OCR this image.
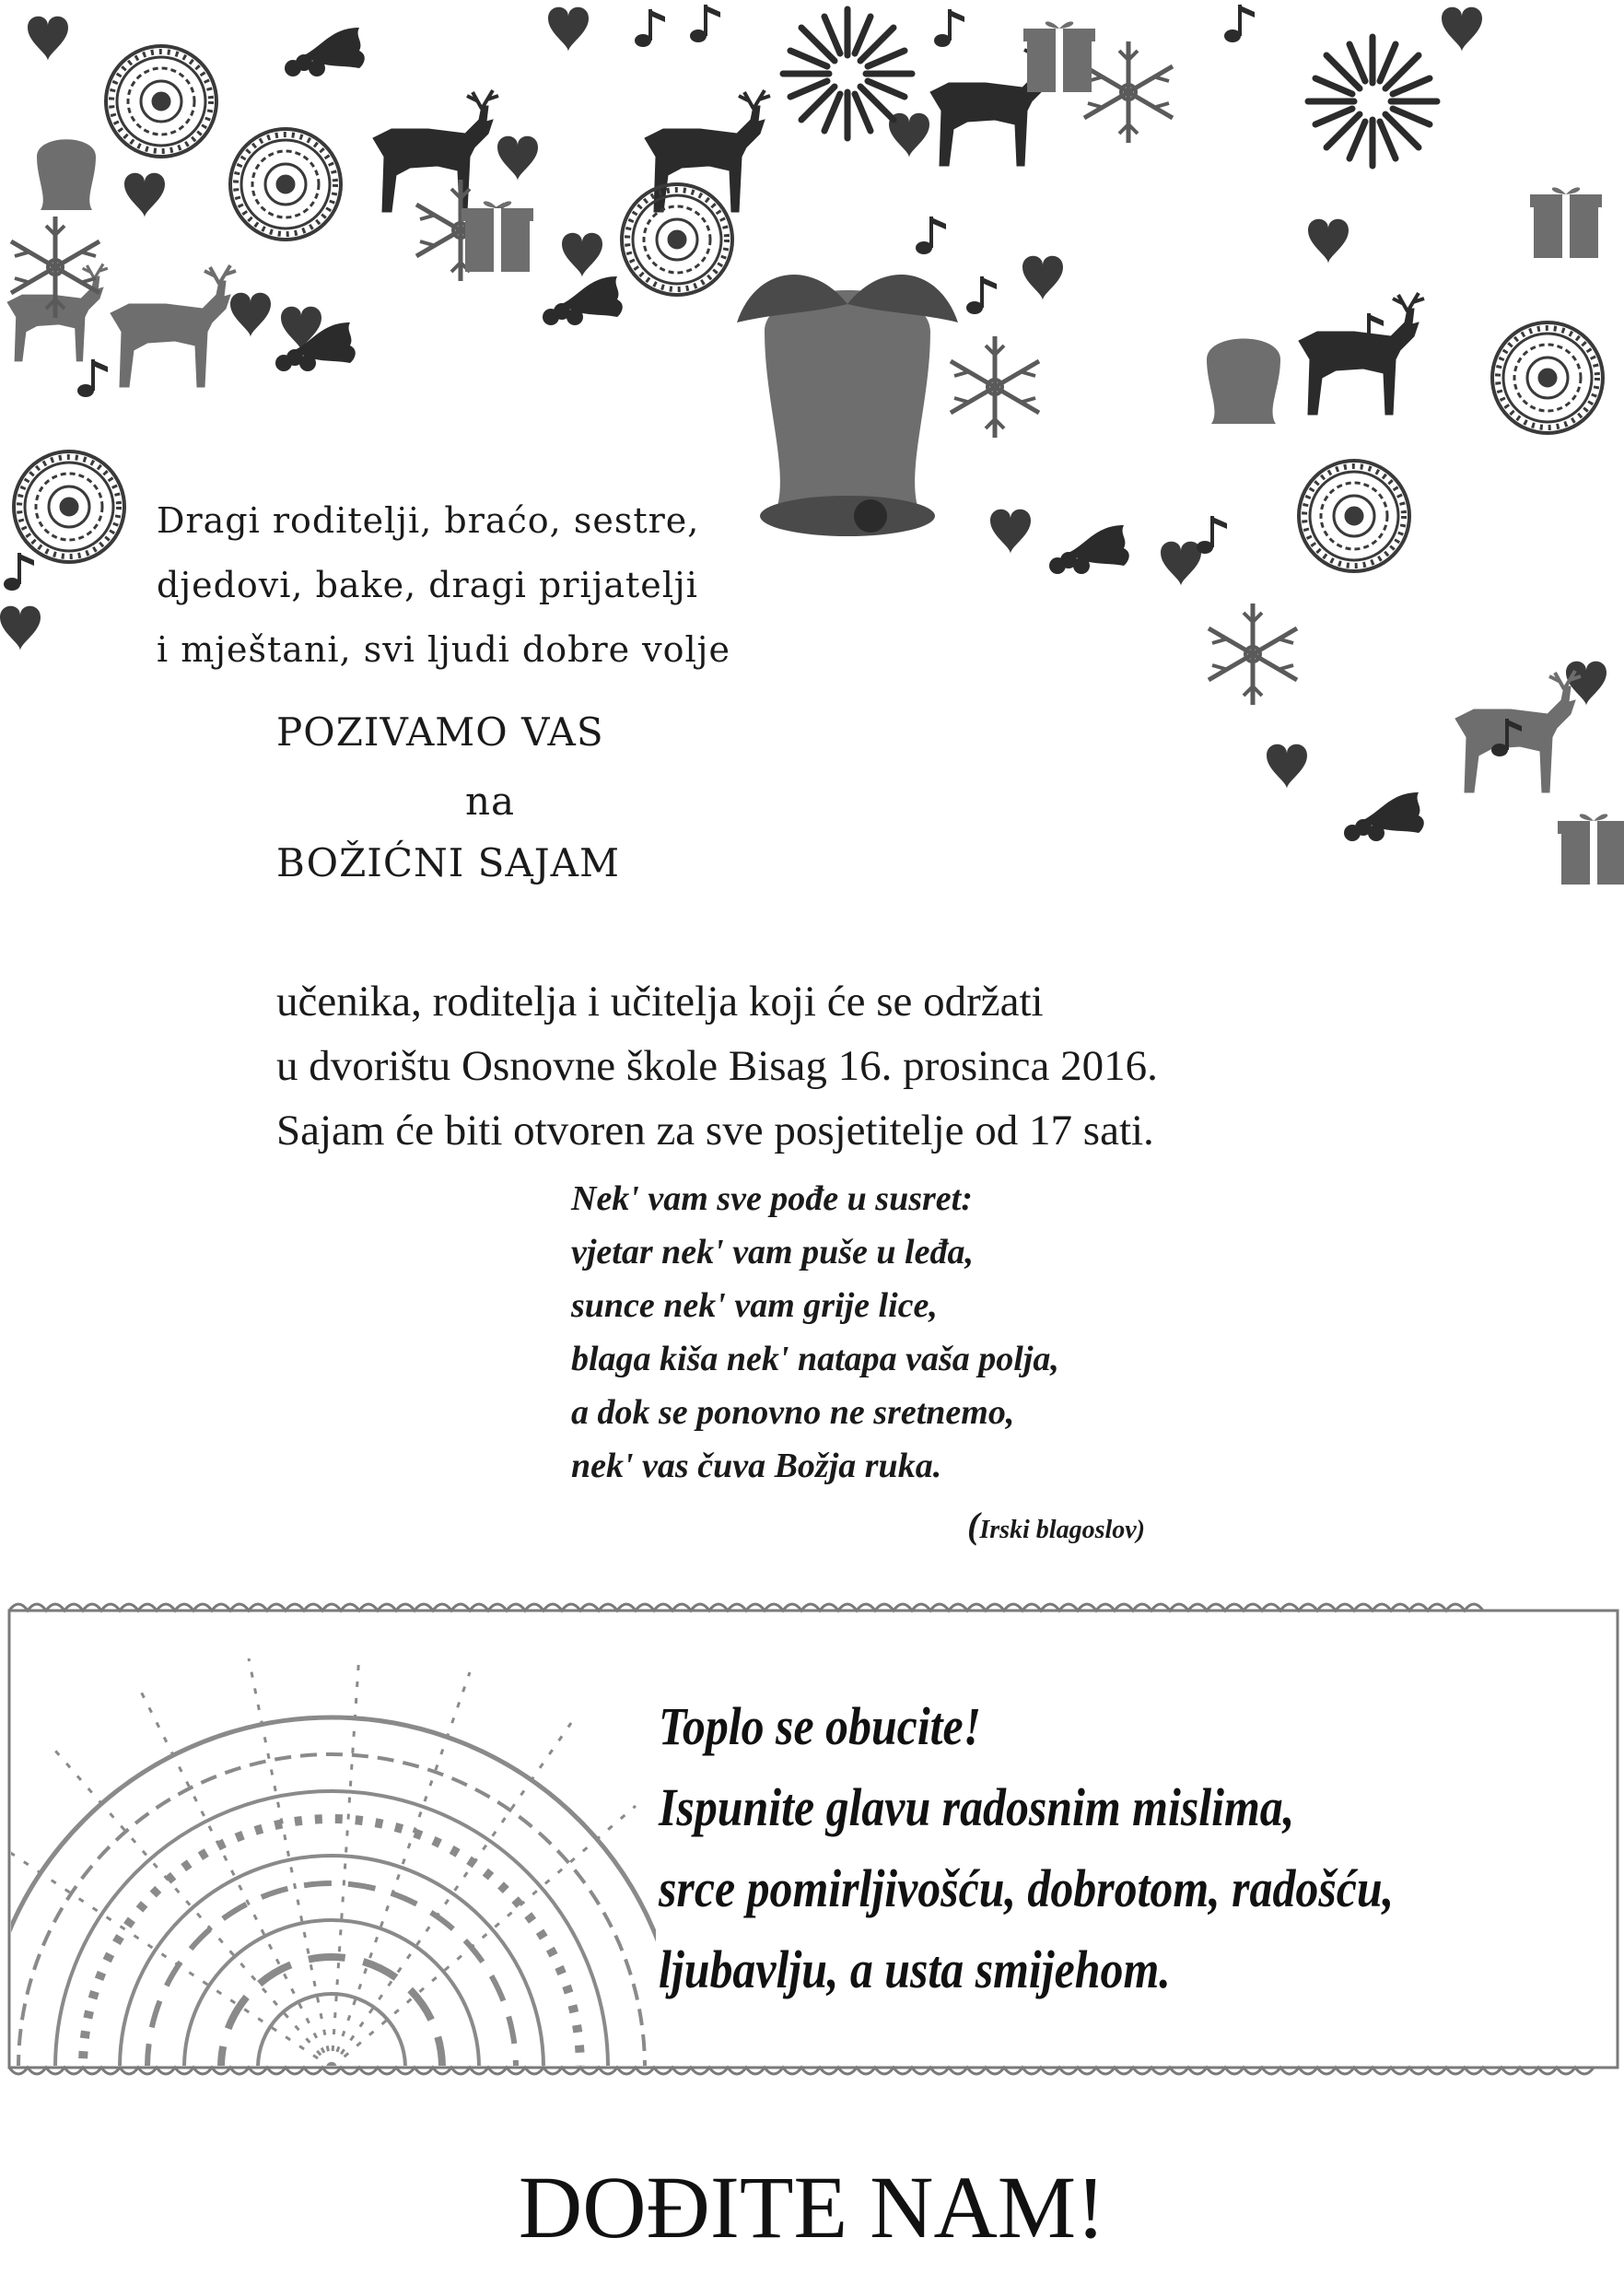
Dragi roditelji, braćo, sestre,
djedovi, bake, dragi prijatelji
i mještani, svi ljudi dobre volje
POZIVAMO VAS
na
BOŽIĆNI SAJAM
učenika, roditelja i učitelja koji će se održati
u dvorištu Osnovne škole Bisag 16. prosinca 2016.
Sajam će biti otvoren za sve posjetitelje od 17 sati.
Nek' vam sve pođe u susret:
vjetar nek' vam puše u leđa,
sunce nek' vam grije lice,
blaga kiša nek' natapa vaša polja,
a dok se ponovno ne sretnemo,
nek' vas čuva Božja ruka.
(Irski blagoslov)
Toplo se obucite!
Ispunite glavu radosnim mislima,
srce pomirljivošću, dobrotom, radošću,
ljubavlju, a usta smijehom.
DOĐITE NAM!
